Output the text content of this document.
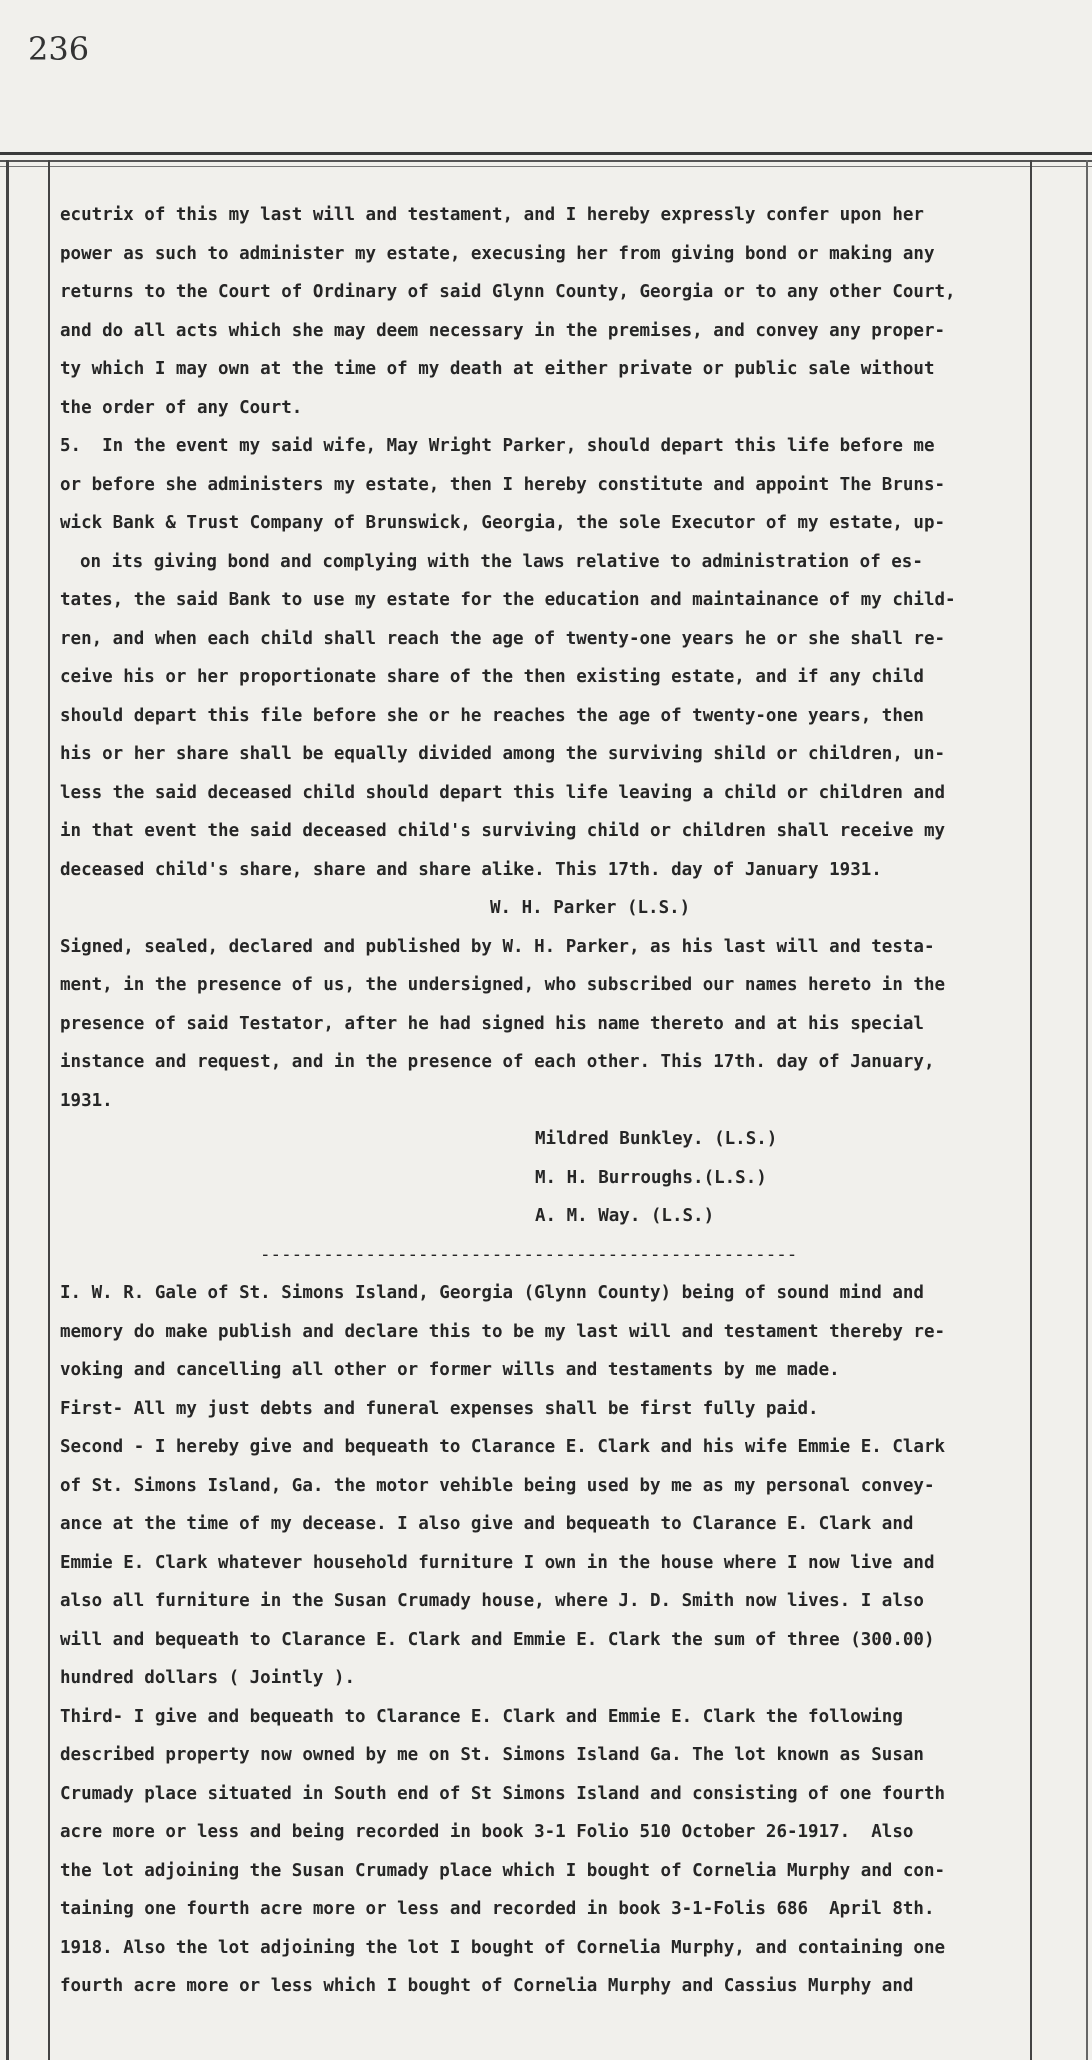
236
ecutrix of this my last will and testament, and I hereby expressly confer upon her
power as such to administer my estate, execusing her from giving bond or making any
returns to the Court of Ordinary of said Glynn County, Georgia or to any other Court,
and do all acts which she may deem necessary in the premises, and convey any proper-
ty which I may own at the time of my death at either private or public sale without
the order of any Court.
5.  In the event my said wife, May Wright Parker, should depart this life before me
or before she administers my estate, then I hereby constitute and appoint The Bruns-
wick Bank & Trust Company of Brunswick, Georgia, the sole Executor of my estate, up-
on its giving bond and complying with the laws relative to administration of es-
tates, the said Bank to use my estate for the education and maintainance of my child-
ren, and when each child shall reach the age of twenty-one years he or she shall re-
ceive his or her proportionate share of the then existing estate, and if any child
should depart this file before she or he reaches the age of twenty-one years, then
his or her share shall be equally divided among the surviving shild or children, un-
less the said deceased child should depart this life leaving a child or children and
in that event the said deceased child's surviving child or children shall receive my
deceased child's share, share and share alike. This 17th. day of January 1931.
W. H. Parker (L.S.)
Signed, sealed, declared and published by W. H. Parker, as his last will and testa-
ment, in the presence of us, the undersigned, who subscribed our names hereto in the
presence of said Testator, after he had signed his name thereto and at his special
instance and request, and in the presence of each other. This 17th. day of January,
1931.
Mildred Bunkley. (L.S.)
M. H. Burroughs.(L.S.)
A. M. Way. (L.S.)
---------------------------------------------------
I. W. R. Gale of St. Simons Island, Georgia (Glynn County) being of sound mind and
memory do make publish and declare this to be my last will and testament thereby re-
voking and cancelling all other or former wills and testaments by me made.
First- All my just debts and funeral expenses shall be first fully paid.
Second - I hereby give and bequeath to Clarance E. Clark and his wife Emmie E. Clark
of St. Simons Island, Ga. the motor vehible being used by me as my personal convey-
ance at the time of my decease. I also give and bequeath to Clarance E. Clark and
Emmie E. Clark whatever household furniture I own in the house where I now live and
also all furniture in the Susan Crumady house, where J. D. Smith now lives. I also
will and bequeath to Clarance E. Clark and Emmie E. Clark the sum of three (300.00)
hundred dollars ( Jointly ).
Third- I give and bequeath to Clarance E. Clark and Emmie E. Clark the following
described property now owned by me on St. Simons Island Ga. The lot known as Susan
Crumady place situated in South end of St Simons Island and consisting of one fourth
acre more or less and being recorded in book 3-1 Folio 510 October 26-1917.  Also
the lot adjoining the Susan Crumady place which I bought of Cornelia Murphy and con-
taining one fourth acre more or less and recorded in book 3-1-Folis 686  April 8th.
1918. Also the lot adjoining the lot I bought of Cornelia Murphy, and containing one
fourth acre more or less which I bought of Cornelia Murphy and Cassius Murphy and
